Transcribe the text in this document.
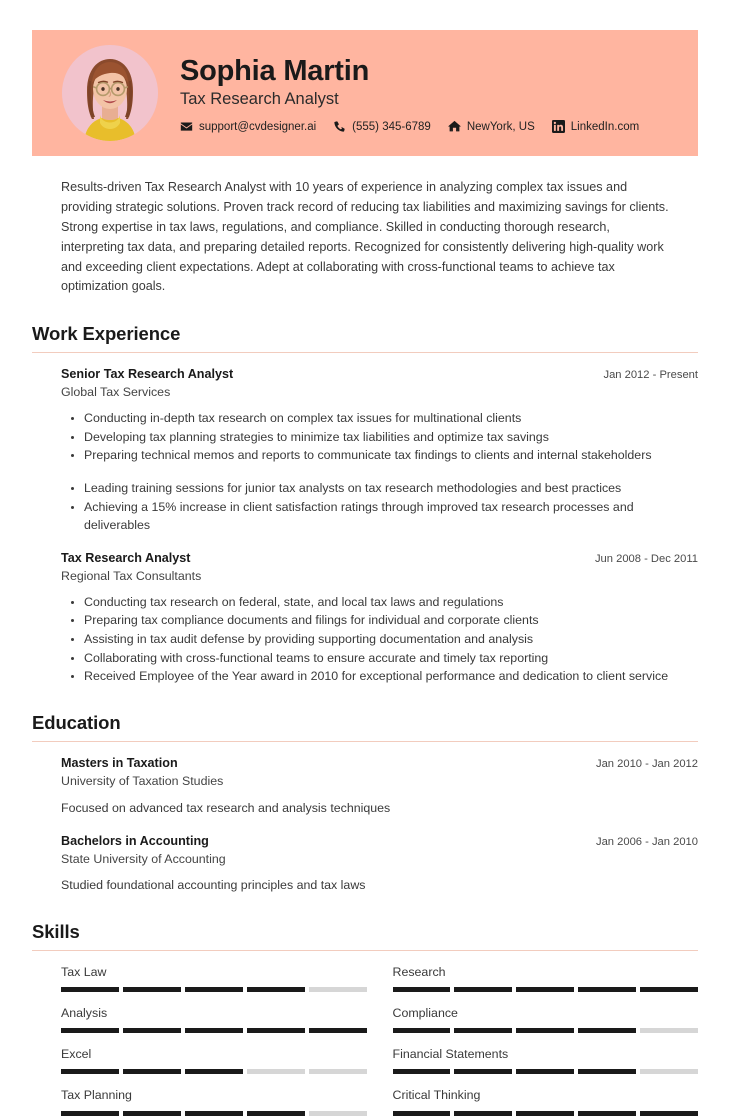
Sophia Martin
Tax Research Analyst
support@cvdesigner.ai	(555) 345-6789	NewYork, US	LinkedIn.com

Results-driven Tax Research Analyst with 10 years of experience in analyzing complex tax issues and providing strategic solutions. Proven track record of reducing tax liabilities and maximizing savings for clients. Strong expertise in tax laws, regulations, and compliance. Skilled in conducting thorough research, interpreting tax data, and preparing detailed reports. Recognized for consistently delivering high-quality work and exceeding client expectations. Adept at collaborating with cross-functional teams to achieve tax optimization goals.

Work Experience
Senior Tax Research Analyst	Jan 2012 - Present
Global Tax Services
Conducting in-depth tax research on complex tax issues for multinational clients
Developing tax planning strategies to minimize tax liabilities and optimize tax savings
Preparing technical memos and reports to communicate tax findings to clients and internal stakeholders
Leading training sessions for junior tax analysts on tax research methodologies and best practices
Achieving a 15% increase in client satisfaction ratings through improved tax research processes and deliverables
Tax Research Analyst	Jun 2008 - Dec 2011
Regional Tax Consultants
Conducting tax research on federal, state, and local tax laws and regulations
Preparing tax compliance documents and filings for individual and corporate clients
Assisting in tax audit defense by providing supporting documentation and analysis
Collaborating with cross-functional teams to ensure accurate and timely tax reporting
Received Employee of the Year award in 2010 for exceptional performance and dedication to client service
Education
Masters in Taxation	Jan 2010 - Jan 2012
University of Taxation Studies
Focused on advanced tax research and analysis techniques
Bachelors in Accounting	Jan 2006 - Jan 2010
State University of Accounting
Studied foundational accounting principles and tax laws
Skills
Tax Law	Research
Analysis	Compliance
Excel	Financial Statements
Tax Planning	Critical Thinking
